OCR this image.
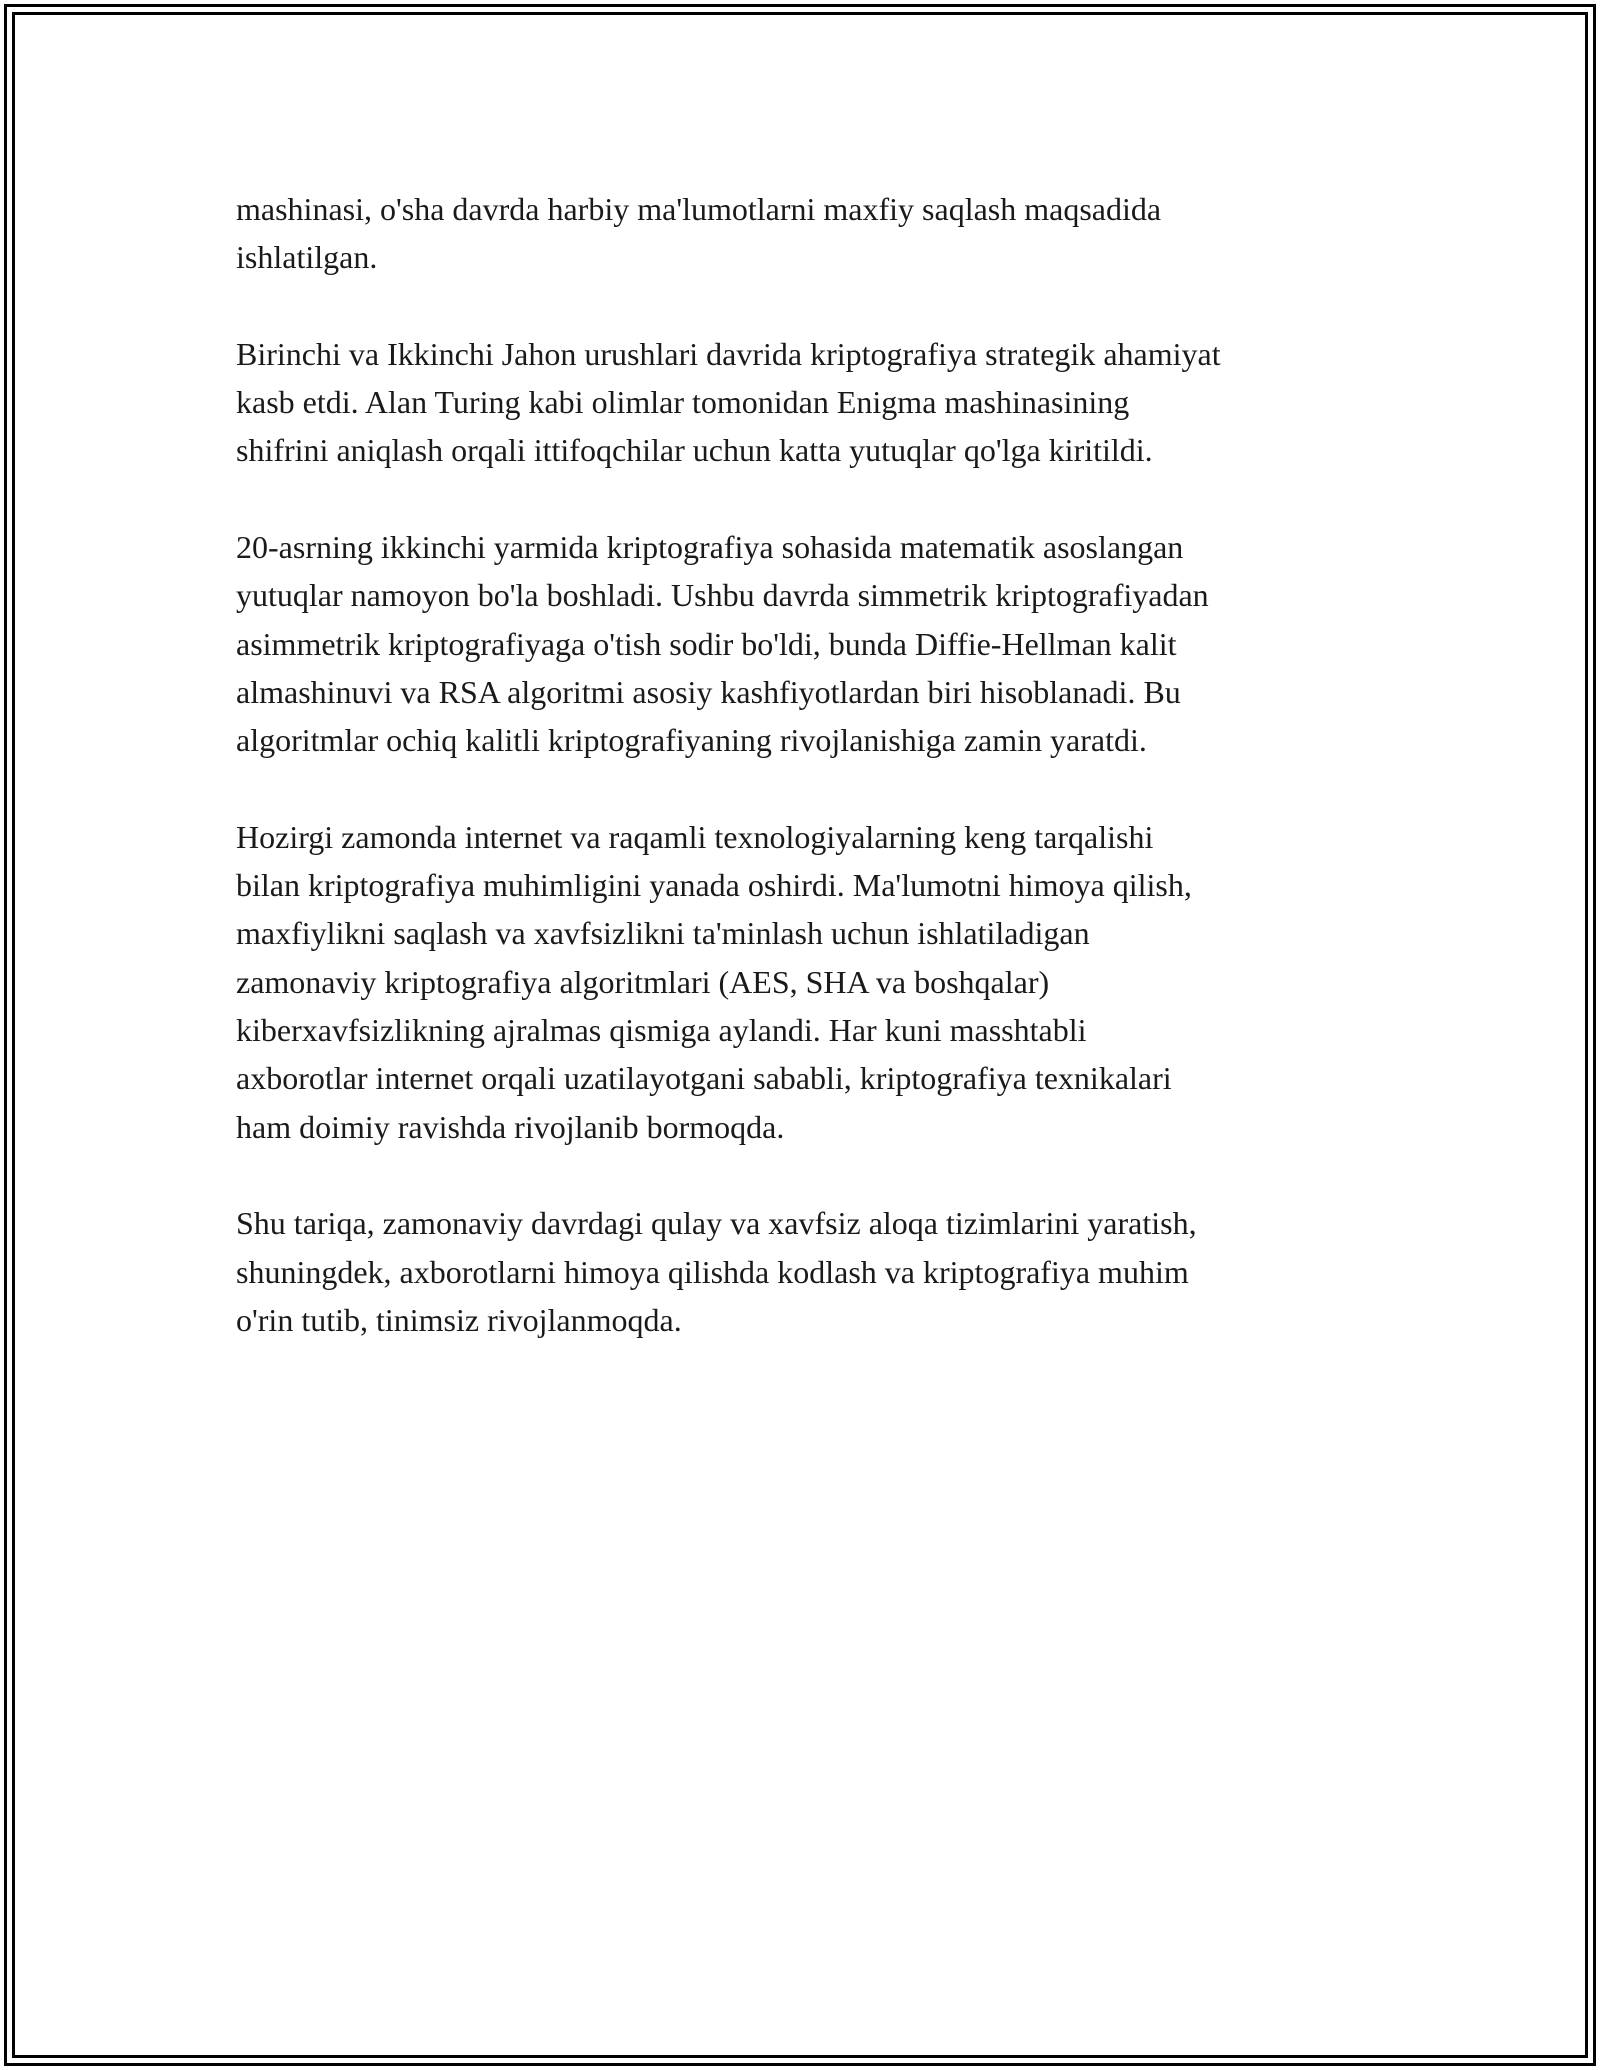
mashinasi, o'sha davrda harbiy ma'lumotlarni maxfiy saqlash maqsadida
ishlatilgan.
Birinchi va Ikkinchi Jahon urushlari davrida kriptografiya strategik ahamiyat
kasb etdi. Alan Turing kabi olimlar tomonidan Enigma mashinasining
shifrini aniqlash orqali ittifoqchilar uchun katta yutuqlar qo'lga kiritildi.
20-asrning ikkinchi yarmida kriptografiya sohasida matematik asoslangan
yutuqlar namoyon bo'la boshladi. Ushbu davrda simmetrik kriptografiyadan
asimmetrik kriptografiyaga o'tish sodir bo'ldi, bunda Diffie-Hellman kalit
almashinuvi va RSA algoritmi asosiy kashfiyotlardan biri hisoblanadi. Bu
algoritmlar ochiq kalitli kriptografiyaning rivojlanishiga zamin yaratdi.
Hozirgi zamonda internet va raqamli texnologiyalarning keng tarqalishi
bilan kriptografiya muhimligini yanada oshirdi. Ma'lumotni himoya qilish,
maxfiylikni saqlash va xavfsizlikni ta'minlash uchun ishlatiladigan
zamonaviy kriptografiya algoritmlari (AES, SHA va boshqalar)
kiberxavfsizlikning ajralmas qismiga aylandi. Har kuni masshtabli
axborotlar internet orqali uzatilayotgani sababli, kriptografiya texnikalari
ham doimiy ravishda rivojlanib bormoqda.
Shu tariqa, zamonaviy davrdagi qulay va xavfsiz aloqa tizimlarini yaratish,
shuningdek, axborotlarni himoya qilishda kodlash va kriptografiya muhim
o'rin tutib, tinimsiz rivojlanmoqda.
